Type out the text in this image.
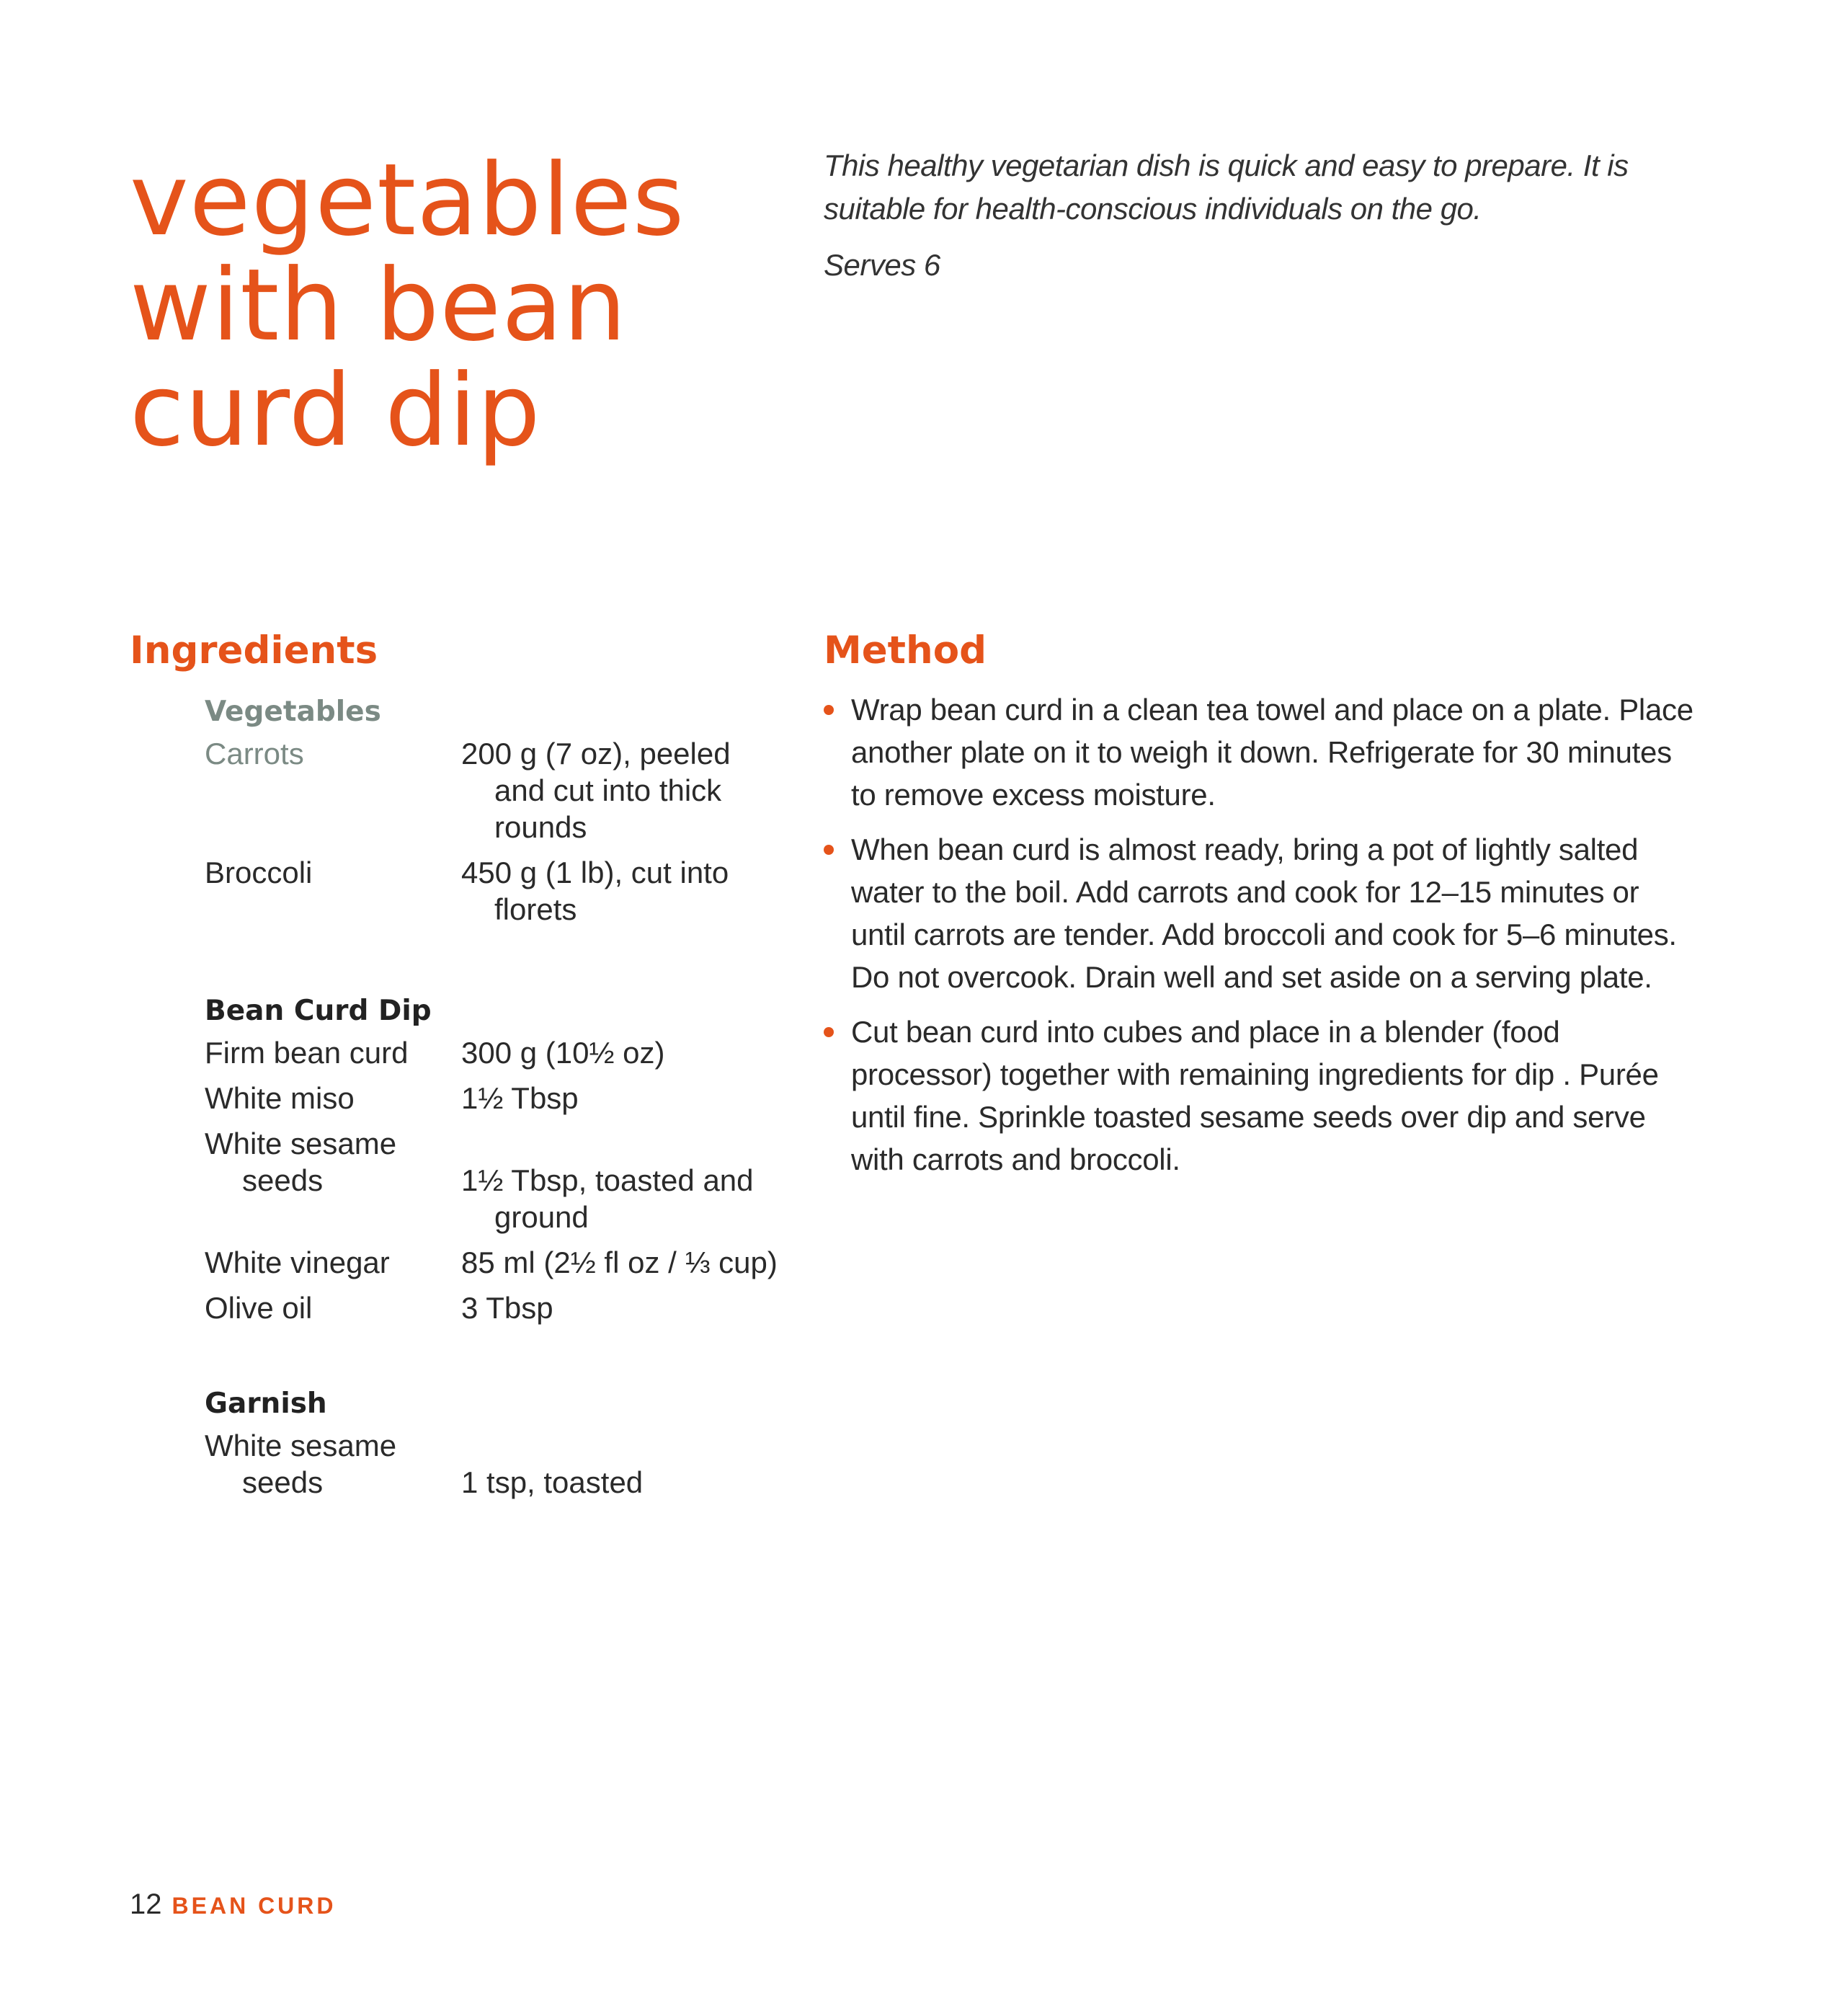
vegetables
with bean
curd dip

This healthy vegetarian dish is quick and easy to prepare. It is suitable for health-conscious individuals on the go.

Serves 6

Ingredients	Method
Vegetables
Carrots	200 g (7 oz), peeled and cut into thick rounds
Broccoli	450 g (1 lb), cut into florets
Bean Curd Dip
Firm bean curd	300 g (10½ oz)
White miso	1½ Tbsp
White sesame seeds	1½ Tbsp, toasted and ground
White vinegar	85 ml (2½ fl oz / ⅓ cup)
Olive oil	3 Tbsp
Garnish
White sesame seeds	1 tsp, toasted
Wrap bean curd in a clean tea towel and place on a plate. Place another plate on it to weigh it down. Refrigerate for 30 minutes to remove excess moisture.
When bean curd is almost ready, bring a pot of lightly salted water to the boil. Add carrots and cook for 12–15 minutes or until carrots are tender. Add broccoli and cook for 5–6 minutes. Do not overcook. Drain well and set aside on a serving plate.
Cut bean curd into cubes and place in a blender (food processor) together with remaining ingredients for dip . Purée until fine. Sprinkle toasted sesame seeds over dip and serve with carrots and broccoli.
12 BEAN CURD
